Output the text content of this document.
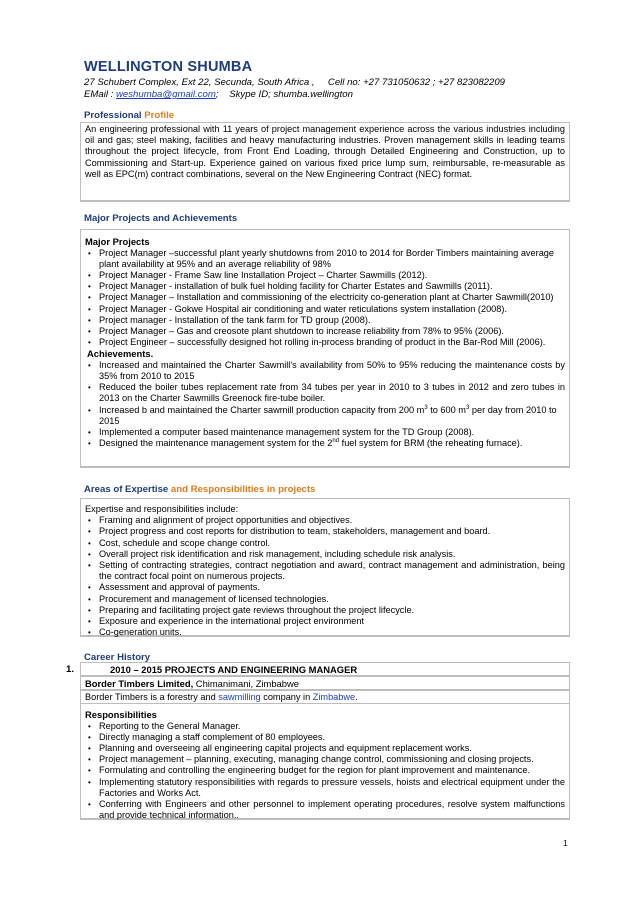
WELLINGTON SHUMBA
27 Schubert Complex, Ext 22, Secunda, South Africa , Cell no: +27 731050632 ; +27 823082209
EMail : weshumba@gmail.com; Skype ID; shumba.wellington
Professional Profile
An engineering professional with 11 years of project management experience across the various industries including oil and gas; steel making, facilities and heavy manufacturing industries. Proven management skills in leading teams throughout the project lifecycle, from Front End Loading, through Detailed Engineering and Construction, up to Commissioning and Start-up. Experience gained on various fixed price lump sum, reimbursable, re-measurable as well as EPC(m) contract combinations, several on the New Engineering Contract (NEC) format.
Major Projects and Achievements
Major Projects
• Project Manager –successful plant yearly shutdowns from 2010 to 2014 for Border Timbers maintaining average plant availability at 95% and an average reliability of 98%
• Project Manager - Frame Saw line Installation Project – Charter Sawmills (2012).
• Project Manager - installation of bulk fuel holding facility for Charter Estates and Sawmills (2011).
• Project Manager – Installation and commissioning of the electricity co-generation plant at Charter Sawmill(2010)
• Project Manager - Gokwe Hospital air conditioning and water reticulations system installation (2008).
• Project manager - Installation of the tank farm for TD group (2008).
• Project Manager – Gas and creosote plant shutdown to increase reliability from 78% to 95% (2006).
• Project Engineer – successfully designed hot rolling in-process branding of product in the Bar-Rod Mill (2006).
Achievements.
• Increased and maintained the Charter Sawmill's availability from 50% to 95% reducing the maintenance costs by 35% from 2010 to 2015
• Reduced the boiler tubes replacement rate from 34 tubes per year in 2010 to 3 tubes in 2012 and zero tubes in 2013 on the Charter Sawmills Greenock fire-tube boiler.
• Increased b and maintained the Charter sawmill production capacity from 200 $m^3$ to 600 $m^3$ per day from 2010 to 2015
• Implemented a computer based maintenance management system for the TD Group (2008).
• Designed the maintenance management system for the 2nd fuel system for BRM (the reheating furnace).
Areas of Expertise and Responsibilities in projects
Expertise and responsibilities include:
• Framing and alignment of project opportunities and objectives.
• Project progress and cost reports for distribution to team, stakeholders, management and board.
• Cost, schedule and scope change control.
• Overall project risk identification and risk management, including schedule risk analysis.
• Setting of contracting strategies, contract negotiation and award, contract management and administration, being the contract focal point on numerous projects.
• Assessment and approval of payments.
• Procurement and management of licensed technologies.
• Preparing and facilitating project gate reviews throughout the project lifecycle.
• Exposure and experience in the international project environment
• Co-generation units.
Career History
1.	2010 – 2015 PROJECTS AND ENGINEERING MANAGER
Border Timbers Limited, Chimanimani, Zimbabwe
Border Timbers is a forestry and sawmilling company in Zimbabwe.
Responsibilities
• Reporting to the General Manager.
• Directly managing a staff complement of 80 employees.
• Planning and overseeing all engineering capital projects and equipment replacement works.
• Project management – planning, executing, managing change control, commissioning and closing projects.
• Formulating and controlling the engineering budget for the region for plant improvement and maintenance.
• Implementing statutory responsibilities with regards to pressure vessels, hoists and electrical equipment under the Factories and Works Act.
• Conferring with Engineers and other personnel to implement operating procedures, resolve system malfunctions and provide technical information..
1
